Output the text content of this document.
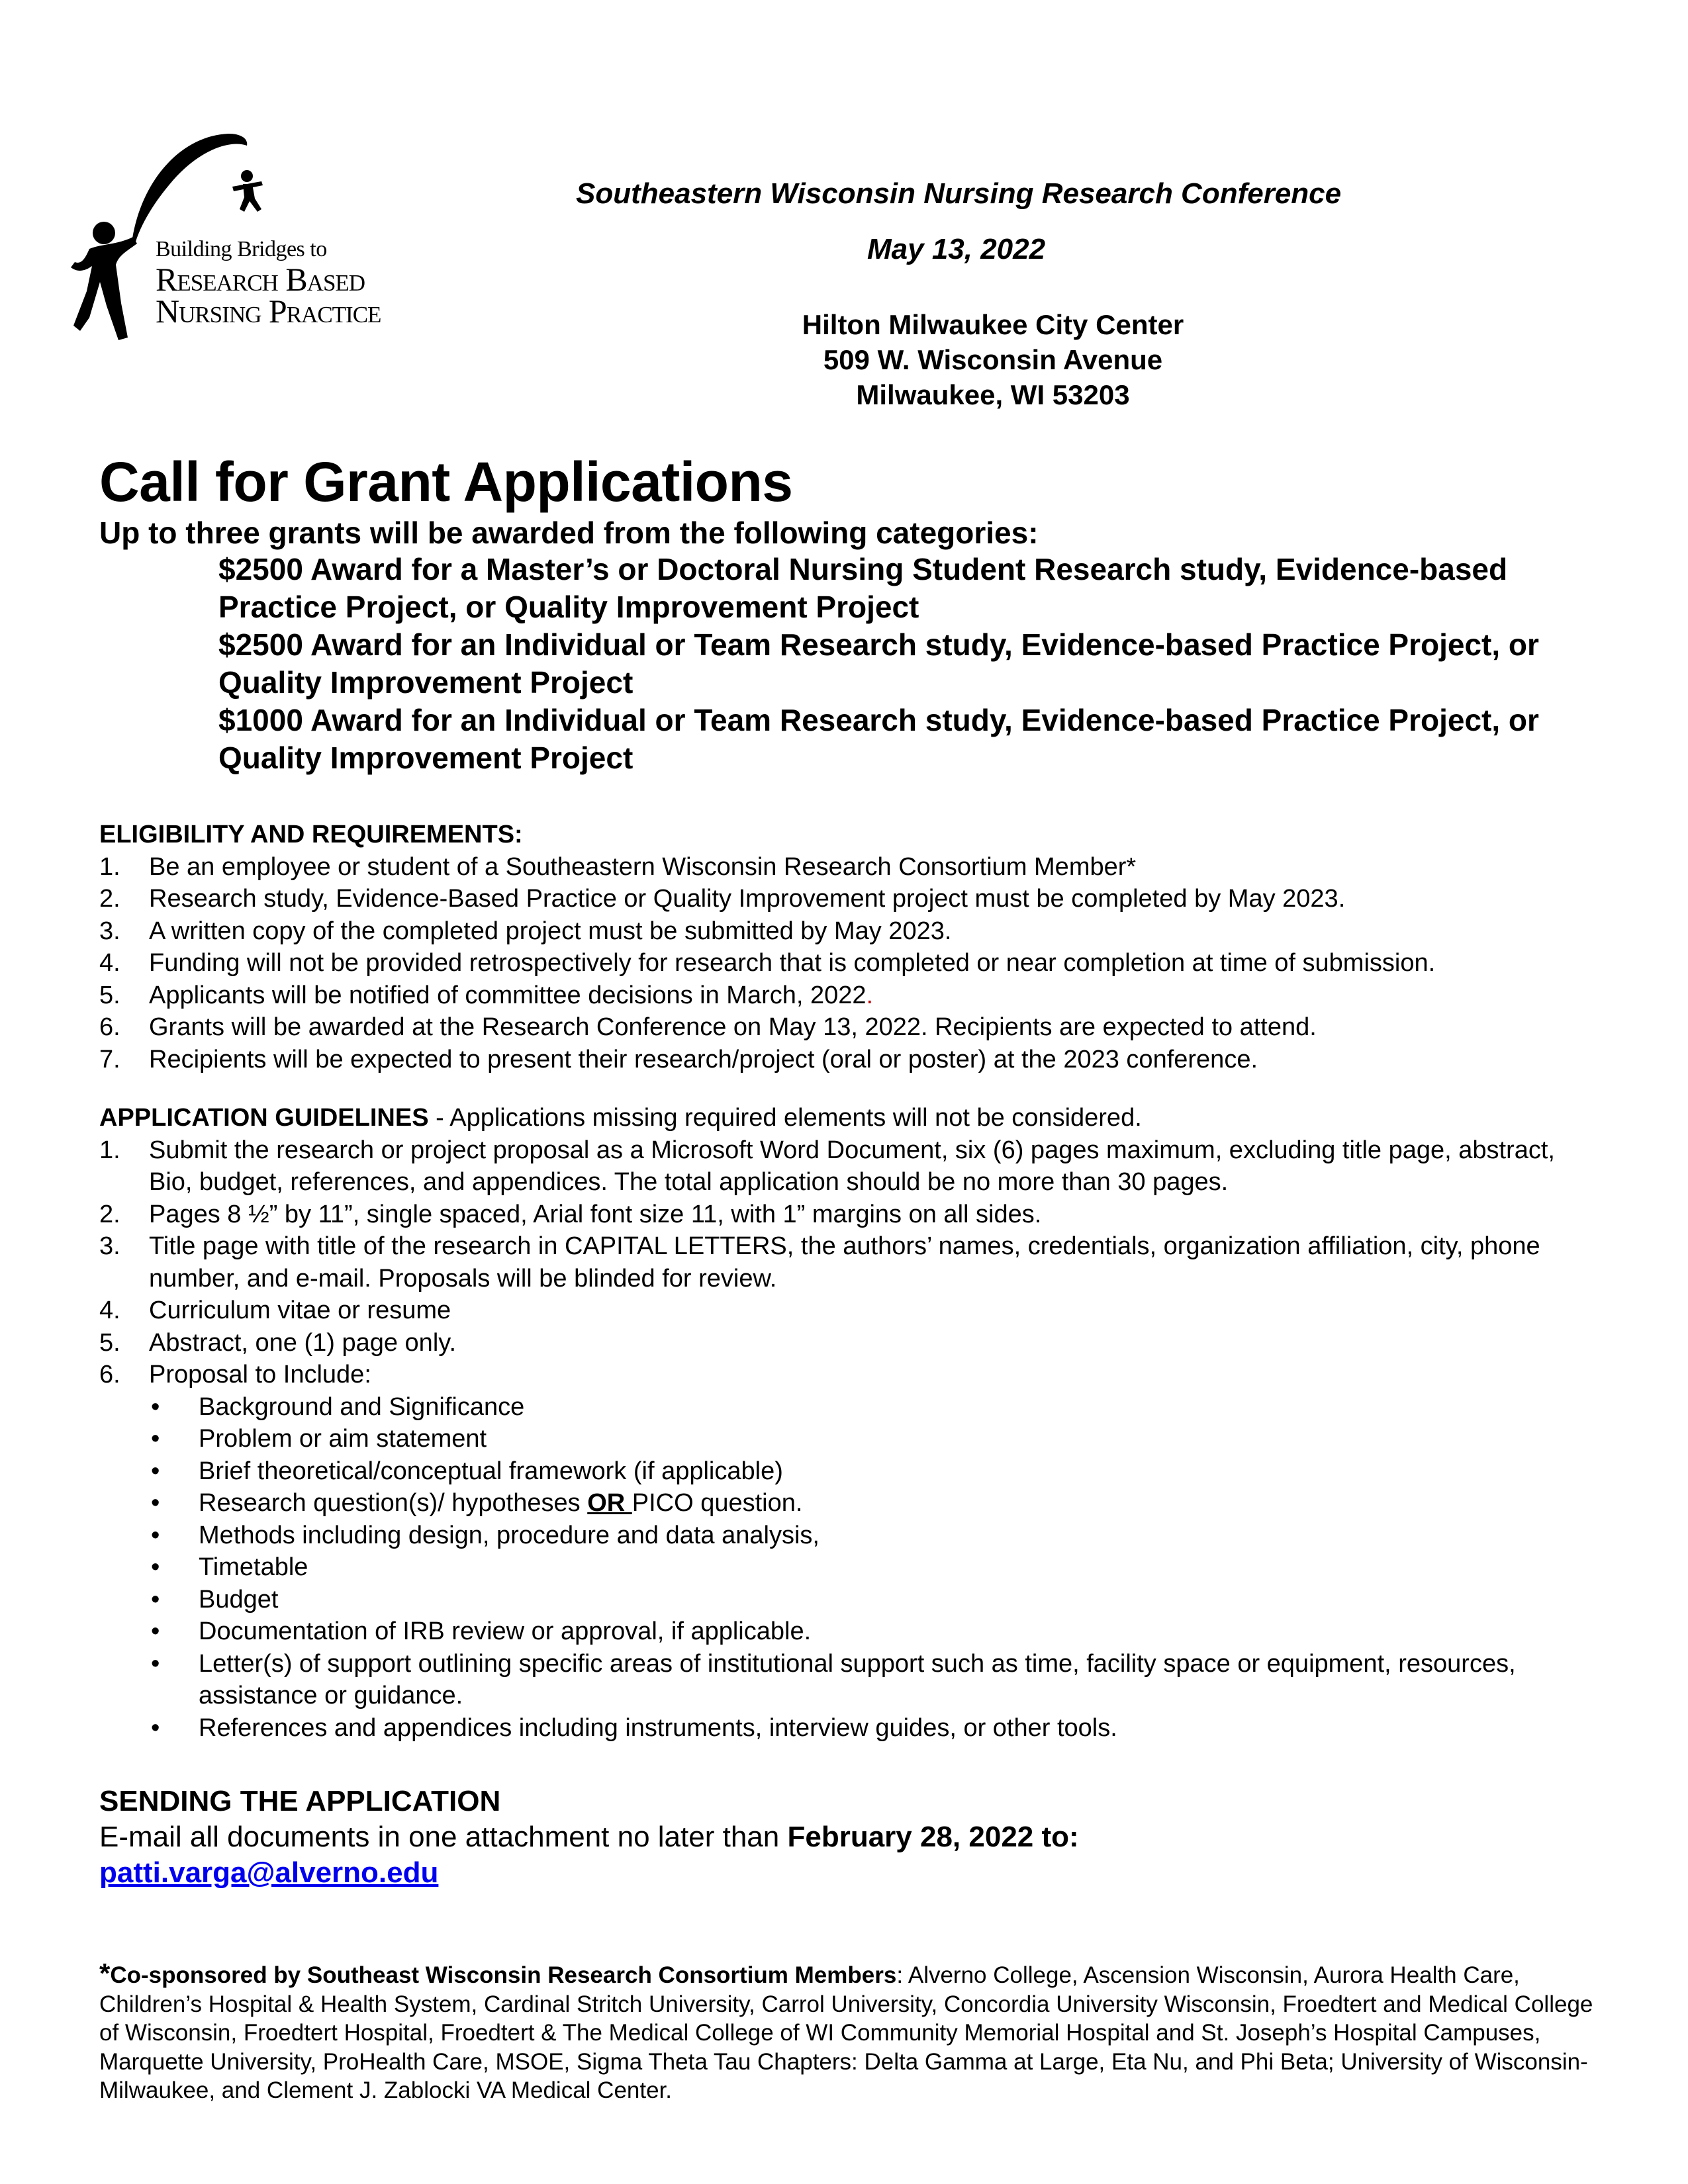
Building Bridges to
Research Based
Nursing Practice
Southeastern Wisconsin Nursing Research Conference
May 13, 2022
Hilton Milwaukee City Center
509 W. Wisconsin Avenue
Milwaukee, WI 53203
Call for Grant Applications
Up to three grants will be awarded from the following categories:
$2500 Award for a Master’s or Doctoral Nursing Student Research study, Evidence-based Practice Project, or Quality Improvement Project
$2500 Award for an Individual or Team Research study, Evidence-based Practice Project, or Quality Improvement Project
$1000 Award for an Individual or Team Research study, Evidence-based Practice Project, or Quality Improvement Project
ELIGIBILITY AND REQUIREMENTS:
1. Be an employee or student of a Southeastern Wisconsin Research Consortium Member*
2. Research study, Evidence-Based Practice or Quality Improvement project must be completed by May 2023.
3. A written copy of the completed project must be submitted by May 2023.
4. Funding will not be provided retrospectively for research that is completed or near completion at time of submission.
5. Applicants will be notified of committee decisions in March, 2022.
6. Grants will be awarded at the Research Conference on May 13, 2022. Recipients are expected to attend.
7. Recipients will be expected to present their research/project (oral or poster) at the 2023 conference.
APPLICATION GUIDELINES - Applications missing required elements will not be considered.
1. Submit the research or project proposal as a Microsoft Word Document, six (6) pages maximum, excluding title page, abstract, Bio, budget, references, and appendices. The total application should be no more than 30 pages.
2. Pages 8 ½” by 11”, single spaced, Arial font size 11, with 1” margins on all sides.
3. Title page with title of the research in CAPITAL LETTERS, the authors’ names, credentials, organization affiliation, city, phone number, and e-mail. Proposals will be blinded for review.
4. Curriculum vitae or resume
5. Abstract, one (1) page only.
6. Proposal to Include:
• Background and Significance
• Problem or aim statement
• Brief theoretical/conceptual framework (if applicable)
• Research question(s)/ hypotheses OR PICO question.
• Methods including design, procedure and data analysis,
• Timetable
• Budget
• Documentation of IRB review or approval, if applicable.
• Letter(s) of support outlining specific areas of institutional support such as time, facility space or equipment, resources, assistance or guidance.
• References and appendices including instruments, interview guides, or other tools.
SENDING THE APPLICATION
E-mail all documents in one attachment no later than February 28, 2022 to:
patti.varga@alverno.edu
*Co-sponsored by Southeast Wisconsin Research Consortium Members: Alverno College, Ascension Wisconsin, Aurora Health Care, Children’s Hospital & Health System, Cardinal Stritch University, Carrol University, Concordia University Wisconsin, Froedtert and Medical College of Wisconsin, Froedtert Hospital, Froedtert & The Medical College of WI Community Memorial Hospital and St. Joseph’s Hospital Campuses, Marquette University, ProHealth Care, MSOE, Sigma Theta Tau Chapters: Delta Gamma at Large, Eta Nu, and Phi Beta; University of Wisconsin-Milwaukee, and Clement J. Zablocki VA Medical Center.
